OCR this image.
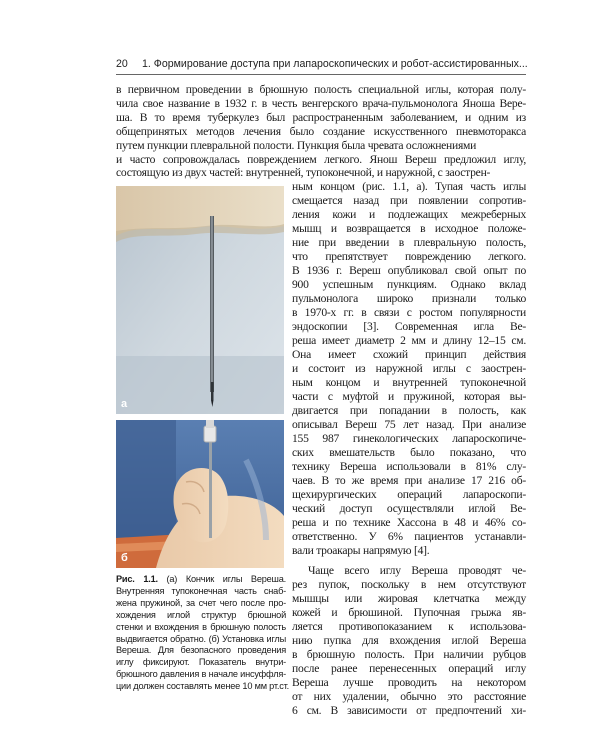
20 1. Формирование доступа при лапароскопических и робот-ассистированных...
в первичном проведении в брюшную полость специальной иглы, которая полу-
чила свое название в 1932 г. в честь венгерского врача-пульмонолога Яноша Вере-
ша. В то время туберкулез был распространенным заболеванием, и одним из
общепринятых методов лечения было создание искусственного пневмоторакса
путем пункции плевральной полости. Пункция была чревата осложнениями
и часто сопровождалась повреждением легкого. Янош Вереш предложил иглу,
состоящую из двух частей: внутренней, тупоконечной, и наружной, с заострен-
а
б
Рис. 1.1. (а) Кончик иглы Вереша.
Внутренняя тупоконечная часть снаб-
жена пружиной, за счет чего после про-
хождения иглой структур брюшной
стенки и вхождения в брюшную полость
выдвигается обратно. (б) Установка иглы
Вереша. Для безопасного проведения
иглу фиксируют. Показатель внутри-
брюшного давления в начале инсуффля-
ции должен составлять менее 10 мм рт.ст.
ным концом (рис. 1.1, а). Тупая часть иглы
смещается назад при появлении сопротив-
ления кожи и подлежащих межреберных
мышц и возвращается в исходное положе-
ние при введении в плевральную полость,
что препятствует повреждению легкого.
В 1936 г. Вереш опубликовал свой опыт по
900 успешным пункциям. Однако вклад
пульмонолога широко признали только
в 1970-х гг. в связи с ростом популярности
эндоскопии [3]. Современная игла Ве-
реша имеет диаметр 2 мм и длину 12–15 см.
Она имеет схожий принцип действия
и состоит из наружной иглы с заострен-
ным концом и внутренней тупоконечной
части с муфтой и пружиной, которая вы-
двигается при попадании в полость, как
описывал Вереш 75 лет назад. При анализе
155 987 гинекологических лапароскопиче-
ских вмешательств было показано, что
технику Вереша использовали в 81% слу-
чаев. В то же время при анализе 17 216 об-
щехирургических операций лапароскопи-
ческий доступ осуществляли иглой Ве-
реша и по технике Хассона в 48 и 46% со-
ответственно. У 6% пациентов устанавли-
вали троакары напрямую [4].
Чаще всего иглу Вереша проводят че-
рез пупок, поскольку в нем отсутствуют
мышцы или жировая клетчатка между
кожей и брюшиной. Пупочная грыжа яв-
ляется противопоказанием к использова-
нию пупка для вхождения иглой Вереша
в брюшную полость. При наличии рубцов
после ранее перенесенных операций иглу
Вереша лучше проводить на некотором
от них удалении, обычно это расстояние
6 см. В зависимости от предпочтений хи-
